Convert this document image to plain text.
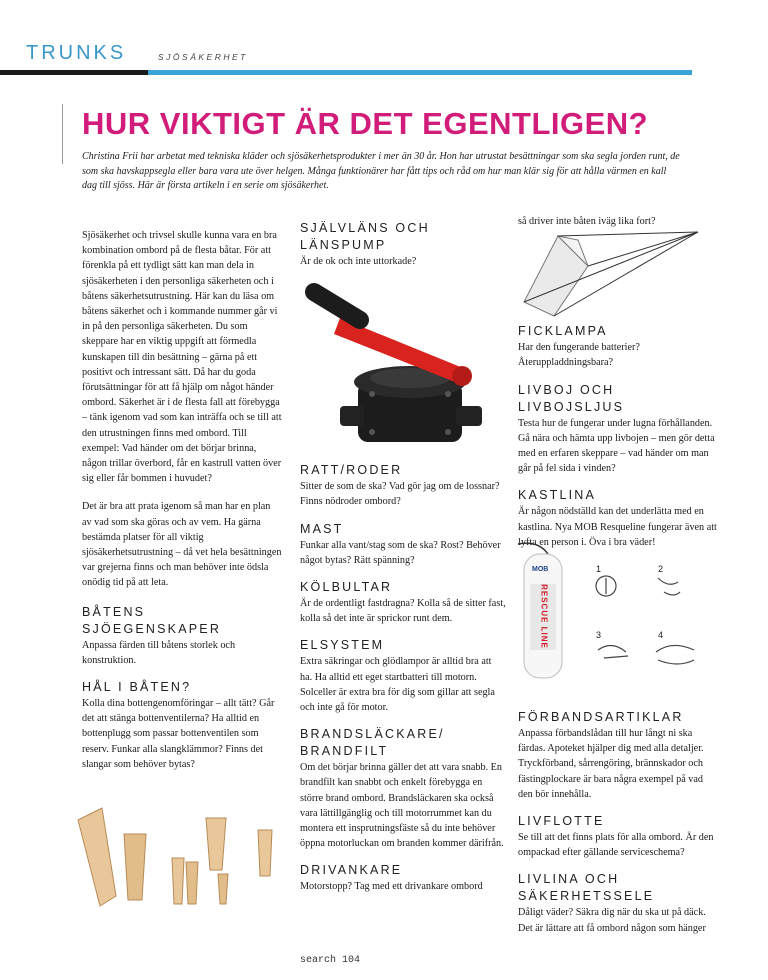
TRUNKS	SJÖSÄKERHET
HUR VIKTIGT ÄR DET EGENTLIGEN?

Christina Frii har arbetat med tekniska kläder och sjösäkerhetsprodukter i mer än 30 år. Hon har utrustat besättningar som ska segla jorden runt, de som ska havskappsegla eller bara vara ute över helgen. Många funktionärer har fått tips och råd om hur man klär sig för att hålla värmen en kall dag till sjöss. Här är första artikeln i en serie om sjösäkerhet.

Sjösäkerhet och trivsel skulle kunna vara en bra kombination ombord på de flesta båtar. För att förenkla på ett tydligt sätt kan man dela in sjösäkerheten i den personliga säkerheten och i båtens säkerhetsutrustning. Här kan du läsa om båtens säkerhet och i kommande nummer går vi in på den personliga säkerheten. Du som skeppare har en viktig uppgift att förmedla kunskapen till din besättning – gärna på ett positivt och intressant sätt. Då har du goda förutsättningar för att få hjälp om något händer ombord. Säkerhet är i de flesta fall att förebygga – tänk igenom vad som kan inträffa och se till att den utrustningen finns med ombord. Till exempel: Vad händer om det börjar brinna, någon trillar överbord, får en kastrull vatten över sig eller får bommen i huvudet?

Det är bra att prata igenom så man har en plan av vad som ska göras och av vem. Ha gärna bestämda platser för all viktig sjösäkerhetsutrustning – då vet hela besättningen var grejerna finns och man behöver inte ödsla onödig tid på att leta.

BÅTENS SJÖEGENSKAPER
Anpassa färden till båtens storlek och konstruktion.
HÅL I BÅTEN?
Kolla dina bottengenomföringar – allt tätt? Går det att stänga bottenventilerna? Ha alltid en bottenplugg som passar bottenventilen som reserv. Funkar alla slangklämmor? Finns det slangar som behöver bytas?
SJÄLVLÄNS OCH LÄNSPUMP
Är de ok och inte uttorkade?
RATT/RODER
Sitter de som de ska? Vad gör jag om de lossnar? Finns nödroder ombord?
MAST
Funkar alla vant/stag som de ska? Rost? Behöver något bytas? Rätt spänning?
KÖLBULTAR
Är de ordentligt fastdragna? Kolla så de sitter fast, kolla så det inte är sprickor runt dem.
ELSYSTEM
Extra säkringar och glödlampor är alltid bra att ha. Ha alltid ett eget startbatteri till motorn. Solceller är extra bra för dig som gillar att segla och inte gå för motor.
BRANDSLÄCKARE/ BRANDFILT
Om det börjar brinna gäller det att vara snabb. En brandfilt kan snabbt och enkelt förebygga en större brand ombord. Brandsläckaren ska också vara lättillgänglig och till motorrummet kan du montera ett insprutningsfäste så du inte behöver öppna motorluckan om branden kommer därifrån.
DRIVANKARE
Motorstopp? Tag med ett drivankare ombord
så driver inte båten iväg lika fort?
FICKLAMPA
Har den fungerande batterier? Återuppladdningsbara?
LIVBOJ OCH LIVBOJSLJUS
Testa hur de fungerar under lugna förhållanden. Gå nära och hämta upp livbojen – men gör detta med en erfaren skeppare – vad händer om man går på fel sida i vinden?
KASTLINA
Är någon nödställd kan det underlätta med en kastlina. Nya MOB Resqueline fungerar även att lyfta en person i. Öva i bra väder!
FÖRBANDSARTIKLAR
Anpassa förbandslådan till hur långt ni ska färdas. Apoteket hjälper dig med alla detaljer. Tryckförband, sårrengöring, brännskador och fästingplockare är bara några exempel på vad den bör innehålla.
LIVFLOTTE
Se till att det finns plats för alla ombord. Är den ompackad efter gällande serviceschema?
LIVLINA OCH SÄKERHETSSELE
Dåligt väder? Säkra dig när du ska ut på däck. Det är lättare att få ombord någon som hänger
MOB
RESCUE LINE
1	2
3	4
search 104
